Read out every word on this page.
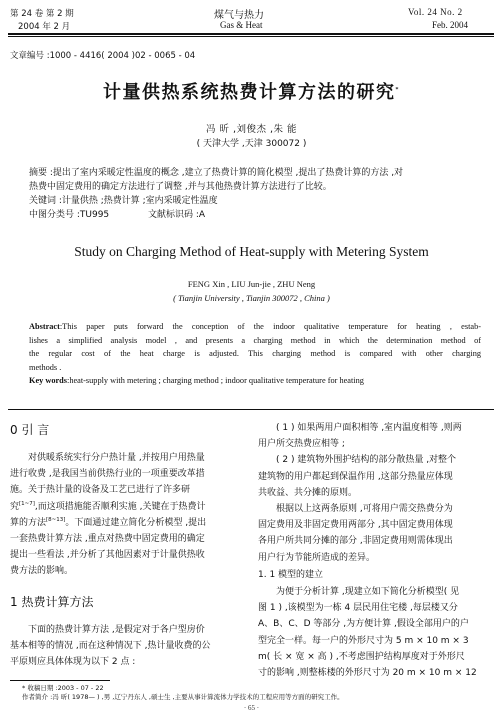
第 24 卷 第 2 期
2004 年 2 月
煤气与热力
Gas & Heat
Vol. 24 No. 2
Feb. 2004
文章编号 :1000 - 4416( 2004 )02 - 0065 - 04
计量供热系统热费计算方法的研究*
冯 昕 ,刘俊杰 ,朱 能
( 天津大学 ,天津 300072 )
摘要 :提出了室内采暖定性温度的概念 ,建立了热费计算的简化模型 ,提出了热费计算的方法 ,对
热费中固定费用的确定方法进行了调整 ,并与其他热费计算方法进行了比较。
关键词 :计量供热 ;热费计算 ;室内采暖定性温度
中图分类号 :TU995	文献标识码 :A
Study on Charging Method of Heat-supply with Metering System
FENG Xin , LIU Jun-jie , ZHU Neng
( Tianjin University , Tianjin 300072 , China )
Abstract:This paper puts forward the conception of the indoor qualitative temperature for heating , estab-
lishes a simplified analysis model , and presents a charging method in which the determination method of
the regular cost of the heat charge is adjusted. This charging method is compared with other charging
methods .
Key words:heat-supply with metering ; charging method ; indoor qualitative temperature for heating
0 引 言
对供暖系统实行分户热计量 ,并按用户用热量
进行收费 ,是我国当前供热行业的一项重要改革措
施。关于热计量的设备及工艺已进行了许多研
究[1~7],而这项措施能否顺利实施 ,关键在于热费计
算的方法[8~13]。下面通过建立简化分析模型 ,提出
一套热费计算方法 ,重点对热费中固定费用的确定
提出一些看法 ,并分析了其他因素对于计量供热收
费方法的影响。
1 热费计算方法
下面的热费计算方法 ,是假定对于各户型房价
基本相等的情况 ,而在这种情况下 ,热计量收费的公
平原则应具体体现为以下 2 点 :
( 1 ) 如果两用户面积相等 ,室内温度相等 ,则两
用户所交热费应相等 ;
( 2 ) 建筑物外围护结构的部分散热量 ,对整个
建筑物的用户都起到保温作用 ,这部分热量应体现
共收益、共分摊的原则。
根据以上这两条原则 ,可将用户需交热费分为
固定费用及非固定费用两部分 ,其中固定费用体现
各用户所共同分摊的部分 ,非固定费用则需体现出
用户行为节能所造成的差异。
1. 1 模型的建立
为便于分析计算 ,现建立如下简化分析模型( 见
图 1 ) ,该模型为一栋 4 层民用住宅楼 ,每层楼又分
A、B、C、D 等部分 ,为方便计算 ,假设全部用户的户
型完全一样。每一户的外形尺寸为 5 m × 10 m × 3
m( 长 × 宽 × 高 ) ,不考虑围护结构厚度对于外形尺
寸的影响 ,则整栋楼的外形尺寸为 20 m × 10 m × 12
* 收稿日期 :2003 - 07 - 22
作者简介 :冯 昕( 1978— ) ,男 ,辽宁丹东人 ,硕士生 ,主要从事计算流体力学技术的工程应用等方面的研究工作。
· 65 ·
